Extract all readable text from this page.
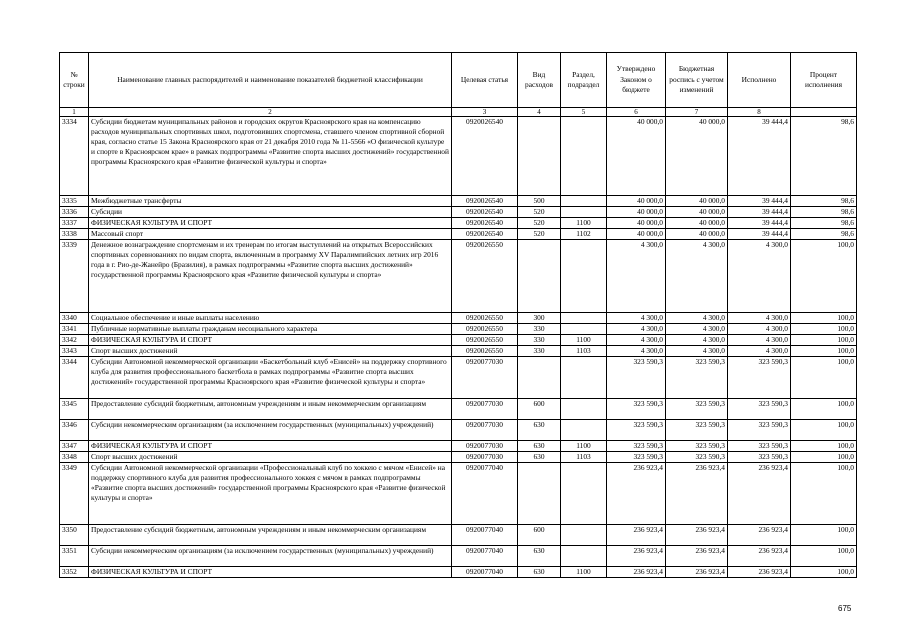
№ строки	Наименование главных распорядителей и наименование показателей бюджетной классификации	Целевая статья	Вид расходов	Раздел, подраздел	Утверждено Законом о бюджете	Бюджетная роспись с учетом изменений	Исполнено	Процент исполнения
1	2	3	4	5	6	7	8	
3334	Субсидии бюджетам муниципальных районов и городских округов Красноярского края на компенсацию расходов муниципальных спортивных школ, подготовивших спортсмена, ставшего членом спортивной сборной края, согласно статье 15 Закона Красноярского края от 21 декабря 2010 года № 11-5566 «О физической культуре и спорте в Красноярском крае» в рамках подпрограммы «Развитие спорта высших достижений» государственной программы Красноярского края «Развитие физической культуры и спорта»	0920026540			40 000,0	40 000,0	39 444,4	98,6
3335	Межбюджетные трансферты	0920026540	500		40 000,0	40 000,0	39 444,4	98,6
3336	Субсидии	0920026540	520		40 000,0	40 000,0	39 444,4	98,6
3337	ФИЗИЧЕСКАЯ КУЛЬТУРА И СПОРТ	0920026540	520	1100	40 000,0	40 000,0	39 444,4	98,6
3338	Массовый спорт	0920026540	520	1102	40 000,0	40 000,0	39 444,4	98,6
3339	Денежное вознаграждение спортсменам и их тренерам по итогам выступлений на открытых Всероссийских спортивных соревнованиях по видам спорта, включенным в программу XV Паралимпийских летних игр 2016 года в г. Рио-де-Жанейро (Бразилия), в рамках подпрограммы «Развитие спорта высших достижений» государственной программы Красноярского края «Развитие физической культуры и спорта»	0920026550			4 300,0	4 300,0	4 300,0	100,0
3340	Социальное обеспечение и иные выплаты населению	0920026550	300		4 300,0	4 300,0	4 300,0	100,0
3341	Публичные нормативные выплаты гражданам несоциального характера	0920026550	330		4 300,0	4 300,0	4 300,0	100,0
3342	ФИЗИЧЕСКАЯ КУЛЬТУРА И СПОРТ	0920026550	330	1100	4 300,0	4 300,0	4 300,0	100,0
3343	Спорт высших достижений	0920026550	330	1103	4 300,0	4 300,0	4 300,0	100,0
3344	Субсидии Автономной некоммерческой организации «Баскетбольный клуб «Енисей» на поддержку спортивного клуба для развития профессионального баскетбола в рамках подпрограммы «Развитие спорта высших достижений» государственной программы Красноярского края «Развитие физической культуры и спорта»	0920077030			323 590,3	323 590,3	323 590,3	100,0
3345	Предоставление субсидий бюджетным, автономным учреждениям и иным некоммерческим организациям	0920077030	600		323 590,3	323 590,3	323 590,3	100,0
3346	Субсидии некоммерческим организациям (за исключением государственных (муниципальных) учреждений)	0920077030	630		323 590,3	323 590,3	323 590,3	100,0
3347	ФИЗИЧЕСКАЯ КУЛЬТУРА И СПОРТ	0920077030	630	1100	323 590,3	323 590,3	323 590,3	100,0
3348	Спорт высших достижений	0920077030	630	1103	323 590,3	323 590,3	323 590,3	100,0
3349	Субсидии Автономной некоммерческой организации «Профессиональный клуб по хоккею с мячом «Енисей» на поддержку спортивного клуба для развития профессионального хоккея с мячом в рамках подпрограммы «Развитие спорта высших достижений» государственной программы Красноярского края «Развитие физической культуры и спорта»	0920077040			236 923,4	236 923,4	236 923,4	100,0
3350	Предоставление субсидий бюджетным, автономным учреждениям и иным некоммерческим организациям	0920077040	600		236 923,4	236 923,4	236 923,4	100,0
3351	Субсидии некоммерческим организациям (за исключением государственных (муниципальных) учреждений)	0920077040	630		236 923,4	236 923,4	236 923,4	100,0
3352	ФИЗИЧЕСКАЯ КУЛЬТУРА И СПОРТ	0920077040	630	1100	236 923,4	236 923,4	236 923,4	100,0
675
